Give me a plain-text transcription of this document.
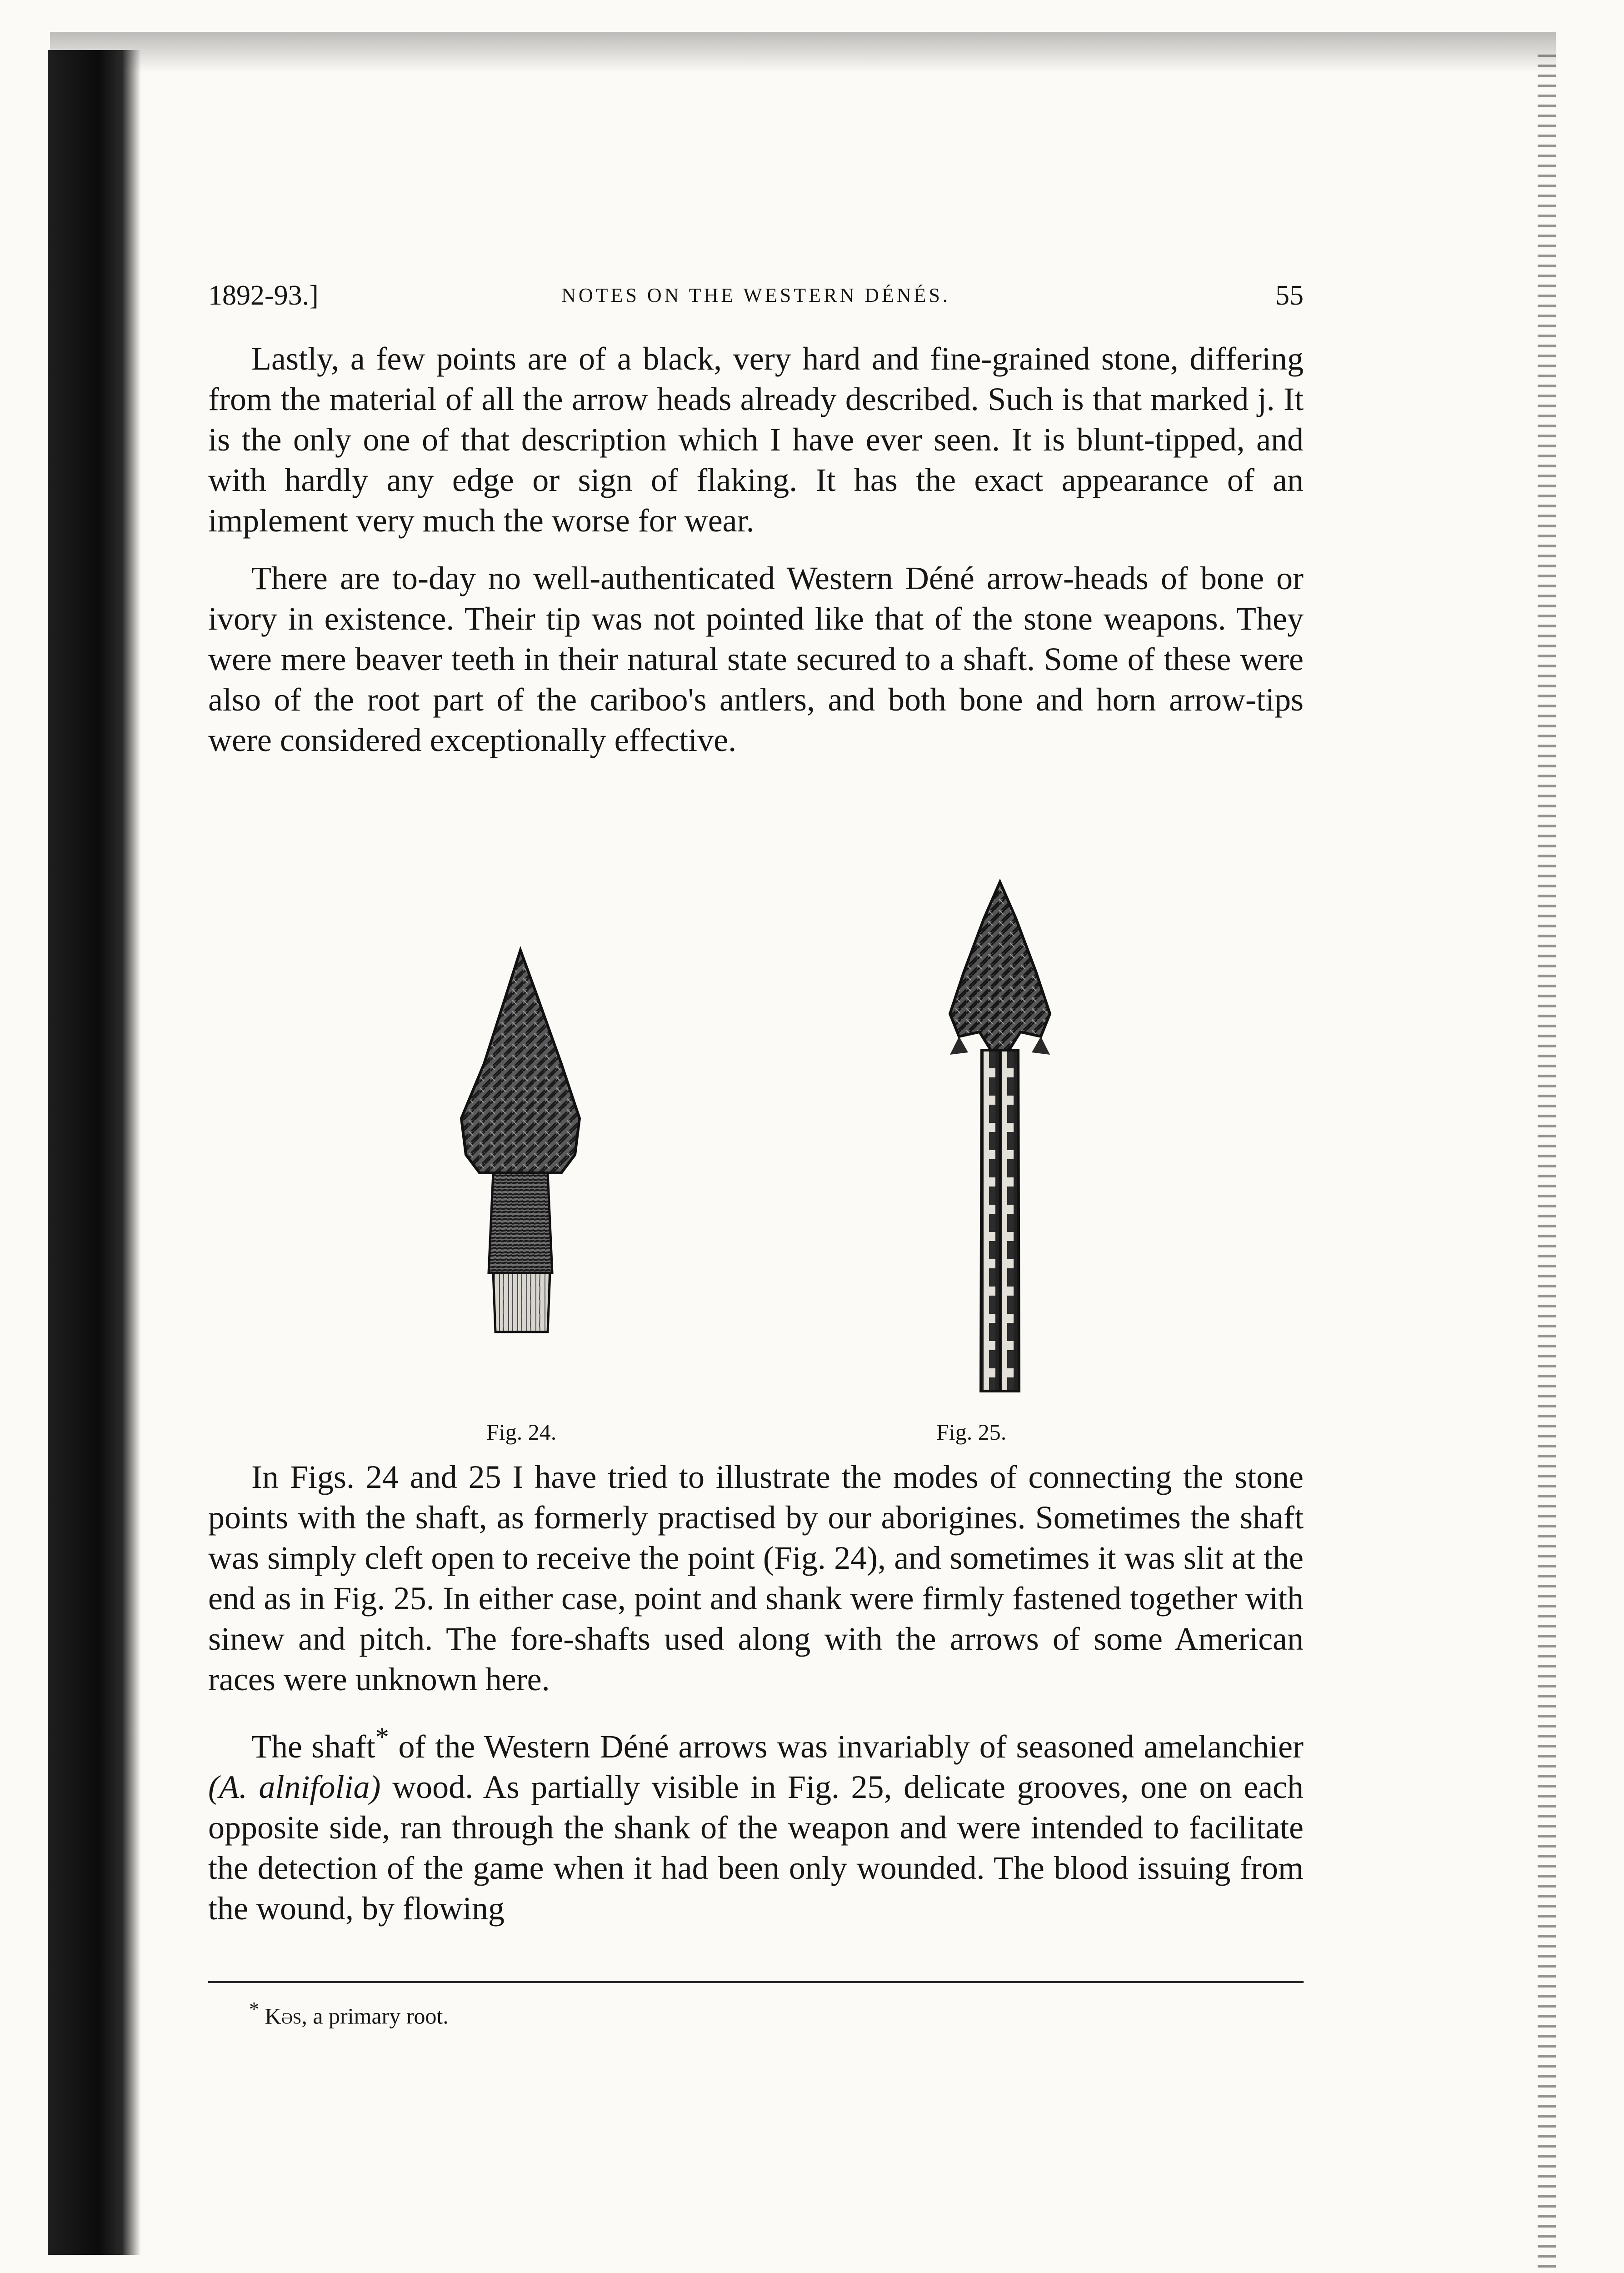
1892-93.]	NOTES ON THE WESTERN DÉNÉS.	55

Lastly, a few points are of a black, very hard and fine-grained stone, differing from the material of all the arrow heads already described. Such is that marked j. It is the only one of that description which I have ever seen. It is blunt-tipped, and with hardly any edge or sign of flaking. It has the exact appearance of an implement very much the worse for wear.

There are to-day no well-authenticated Western Déné arrow-heads of bone or ivory in existence. Their tip was not pointed like that of the stone weapons. They were mere beaver teeth in their natural state secured to a shaft. Some of these were also of the root part of the cariboo's antlers, and both bone and horn arrow-tips were considered exceptionally effective.

Fig. 24.	Fig. 25.

In Figs. 24 and 25 I have tried to illustrate the modes of connecting the stone points with the shaft, as formerly practised by our aborigines. Sometimes the shaft was simply cleft open to receive the point (Fig. 24), and sometimes it was slit at the end as in Fig. 25. In either case, point and shank were firmly fastened together with sinew and pitch. The fore-shafts used along with the arrows of some American races were unknown here.

The shaft* of the Western Déné arrows was invariably of seasoned amelanchier (A. alnifolia) wood. As partially visible in Fig. 25, delicate grooves, one on each opposite side, ran through the shank of the weapon and were intended to facilitate the detection of the game when it had been only wounded. The blood issuing from the wound, by flowing

* Kəs, a primary root.
